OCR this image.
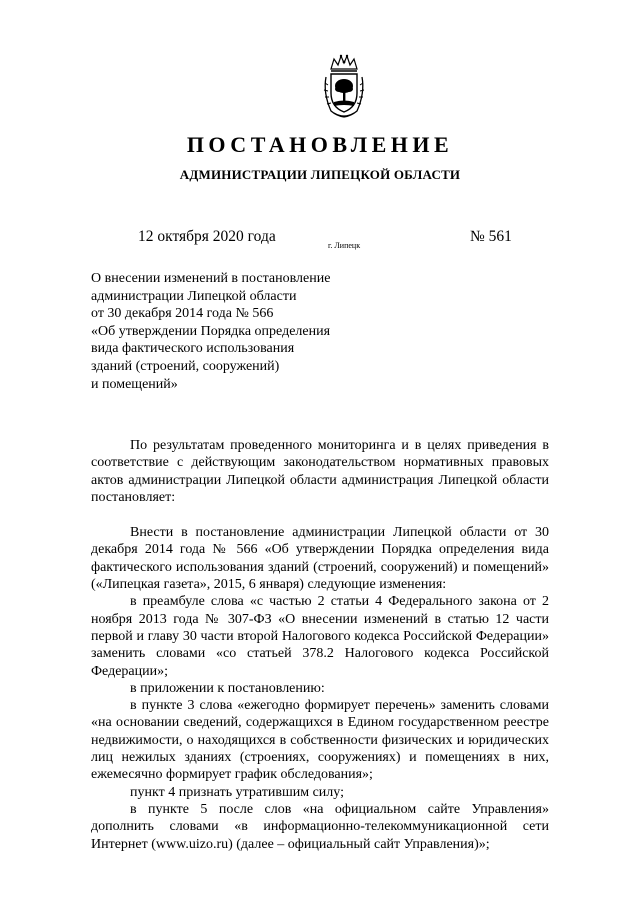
ПОСТАНОВЛЕНИЕ
АДМИНИСТРАЦИИ ЛИПЕЦКОЙ ОБЛАСТИ
12 октября 2020 года
г. Липецк
№ 561
О внесении изменений в постановление
администрации Липецкой области
от 30 декабря 2014 года № 566
«Об утверждении Порядка определения
вида фактического использования
зданий (строений, сооружений)
и помещений»

По результатам проведенного мониторинга и в целях приведения в соответствие с действующим законодательством нормативных правовых актов администрации Липецкой области администрация Липецкой области постановляет:

Внести в постановление администрации Липецкой области от 30 декабря 2014 года № 566 «Об утверждении Порядка определения вида фактического использования зданий (строений, сооружений) и помещений» («Липецкая газета», 2015, 6 января) следующие изменения:

в преамбуле слова «с частью 2 статьи 4 Федерального закона от 2 ноября 2013 года № 307-ФЗ «О внесении изменений в статью 12 части первой и главу 30 части второй Налогового кодекса Российской Федерации» заменить словами «со статьей 378.2 Налогового кодекса Российской Федерации»;

в приложении к постановлению:

в пункте 3 слова «ежегодно формирует перечень» заменить словами «на основании сведений, содержащихся в Едином государственном реестре недвижимости, о находящихся в собственности физических и юридических лиц нежилых зданиях (строениях, сооружениях) и помещениях в них, ежемесячно формирует график обследования»;

пункт 4 признать утратившим силу;

в пункте 5 после слов «на официальном сайте Управления» дополнить словами «в информационно-телекоммуникационной сети Интернет (www.uizo.ru) (далее – официальный сайт Управления)»;
